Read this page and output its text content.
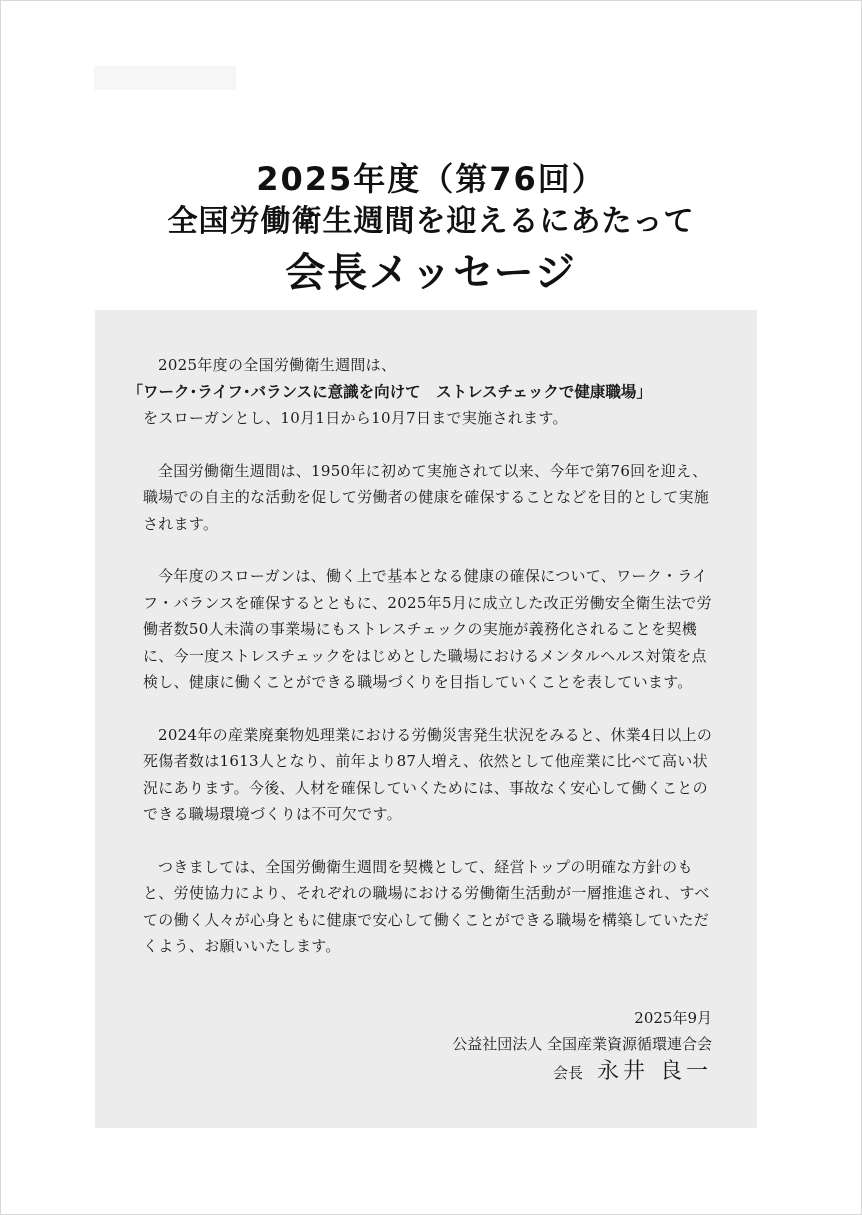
2025年度（第76回）
全国労働衛生週間を迎えるにあたって
会長メッセージ

2025年度の全国労働衛生週間は、
「ワーク･ライフ･バランスに意識を向けて　ストレスチェックで健康職場」
をスローガンとし、10月1日から10月7日まで実施されます。

全国労働衛生週間は、1950年に初めて実施されて以来、今年で第76回を迎え、職場での自主的な活動を促して労働者の健康を確保することなどを目的として実施されます。

今年度のスローガンは、働く上で基本となる健康の確保について、ワーク・ライフ・バランスを確保するとともに、2025年5月に成立した改正労働安全衛生法で労働者数50人未満の事業場にもストレスチェックの実施が義務化されることを契機に、今一度ストレスチェックをはじめとした職場におけるメンタルヘルス対策を点検し、健康に働くことができる職場づくりを目指していくことを表しています。

2024年の産業廃棄物処理業における労働災害発生状況をみると、休業4日以上の死傷者数は1613人となり、前年より87人増え、依然として他産業に比べて高い状況にあります。今後、人材を確保していくためには、事故なく安心して働くことのできる職場環境づくりは不可欠です。

つきましては、全国労働衛生週間を契機として、経営トップの明確な方針のもと、労使協力により、それぞれの職場における労働衛生活動が一層推進され、すべての働く人々が心身ともに健康で安心して働くことができる職場を構築していただくよう、お願いいたします。

2025年9月
公益社団法人 全国産業資源循環連合会
会長 永井 良一
